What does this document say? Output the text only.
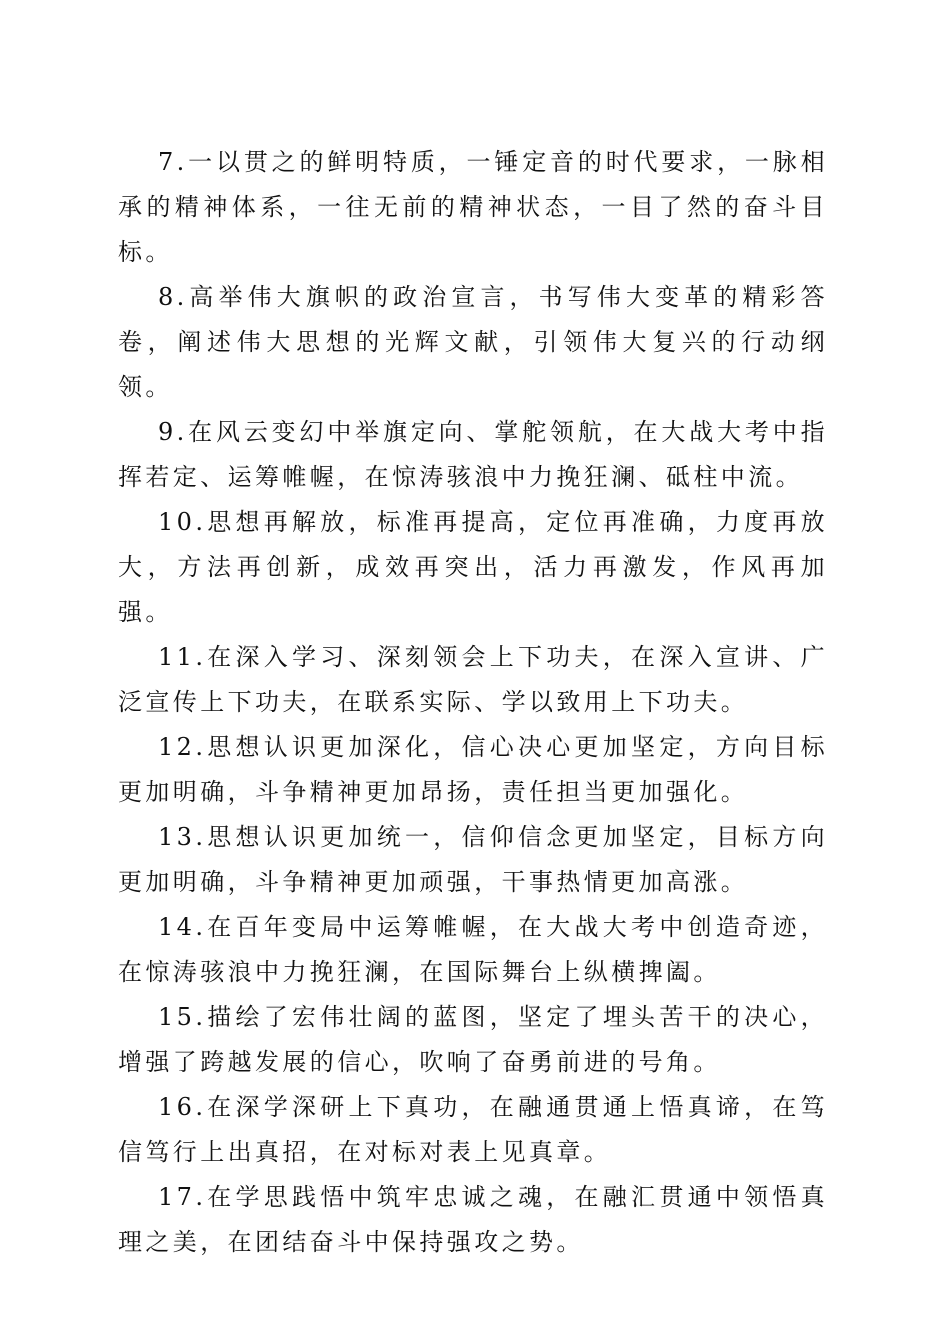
7.一以贯之的鲜明特质，一锤定音的时代要求，一脉相承的精神体系，一往无前的精神状态，一目了然的奋斗目标。

8.高举伟大旗帜的政治宣言，书写伟大变革的精彩答卷，阐述伟大思想的光辉文献，引领伟大复兴的行动纲领。

9.在风云变幻中举旗定向、掌舵领航，在大战大考中指挥若定、运筹帷幄，在惊涛骇浪中力挽狂澜、砥柱中流。

10.思想再解放，标准再提高，定位再准确，力度再放大，方法再创新，成效再突出，活力再激发，作风再加强。

11.在深入学习、深刻领会上下功夫，在深入宣讲、广泛宣传上下功夫，在联系实际、学以致用上下功夫。

12.思想认识更加深化，信心决心更加坚定，方向目标更加明确，斗争精神更加昂扬，责任担当更加强化。

13.思想认识更加统一，信仰信念更加坚定，目标方向更加明确，斗争精神更加顽强，干事热情更加高涨。

14.在百年变局中运筹帷幄，在大战大考中创造奇迹，在惊涛骇浪中力挽狂澜，在国际舞台上纵横捭阖。

15.描绘了宏伟壮阔的蓝图，坚定了埋头苦干的决心，增强了跨越发展的信心，吹响了奋勇前进的号角。

16.在深学深研上下真功，在融通贯通上悟真谛，在笃信笃行上出真招，在对标对表上见真章。

17.在学思践悟中筑牢忠诚之魂，在融汇贯通中领悟真理之美，在团结奋斗中保持强攻之势。
